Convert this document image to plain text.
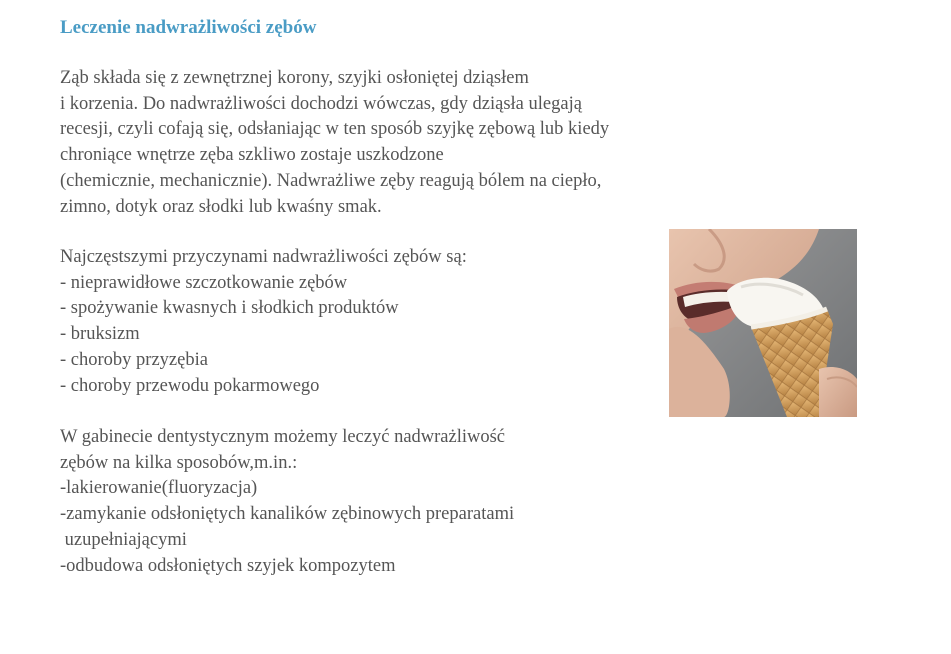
Leczenie nadwrażliwości zębów
Ząb składa się z zewnętrznej korony, szyjki osłoniętej dziąsłem
i korzenia. Do nadwrażliwości dochodzi wówczas, gdy dziąsła ulegają
recesji, czyli cofają się, odsłaniając w ten sposób szyjkę zębową lub kiedy
chroniące wnętrze zęba szkliwo zostaje uszkodzone
(chemicznie, mechanicznie). Nadwrażliwe zęby reagują bólem na ciepło,
zimno, dotyk oraz słodki lub kwaśny smak.
Najczęstszymi przyczynami nadwrażliwości zębów są:
- nieprawidłowe szczotkowanie zębów
- spożywanie kwasnych i słodkich produktów
- bruksizm
- choroby przyzębia
- choroby przewodu pokarmowego
W gabinecie dentystycznym możemy leczyć nadwrażliwość
zębów na kilka sposobów,m.in.:
-lakierowanie(fluoryzacja)
-zamykanie odsłoniętych kanalików zębinowych preparatami
uzupełniającymi
-odbudowa odsłoniętych szyjek kompozytem
